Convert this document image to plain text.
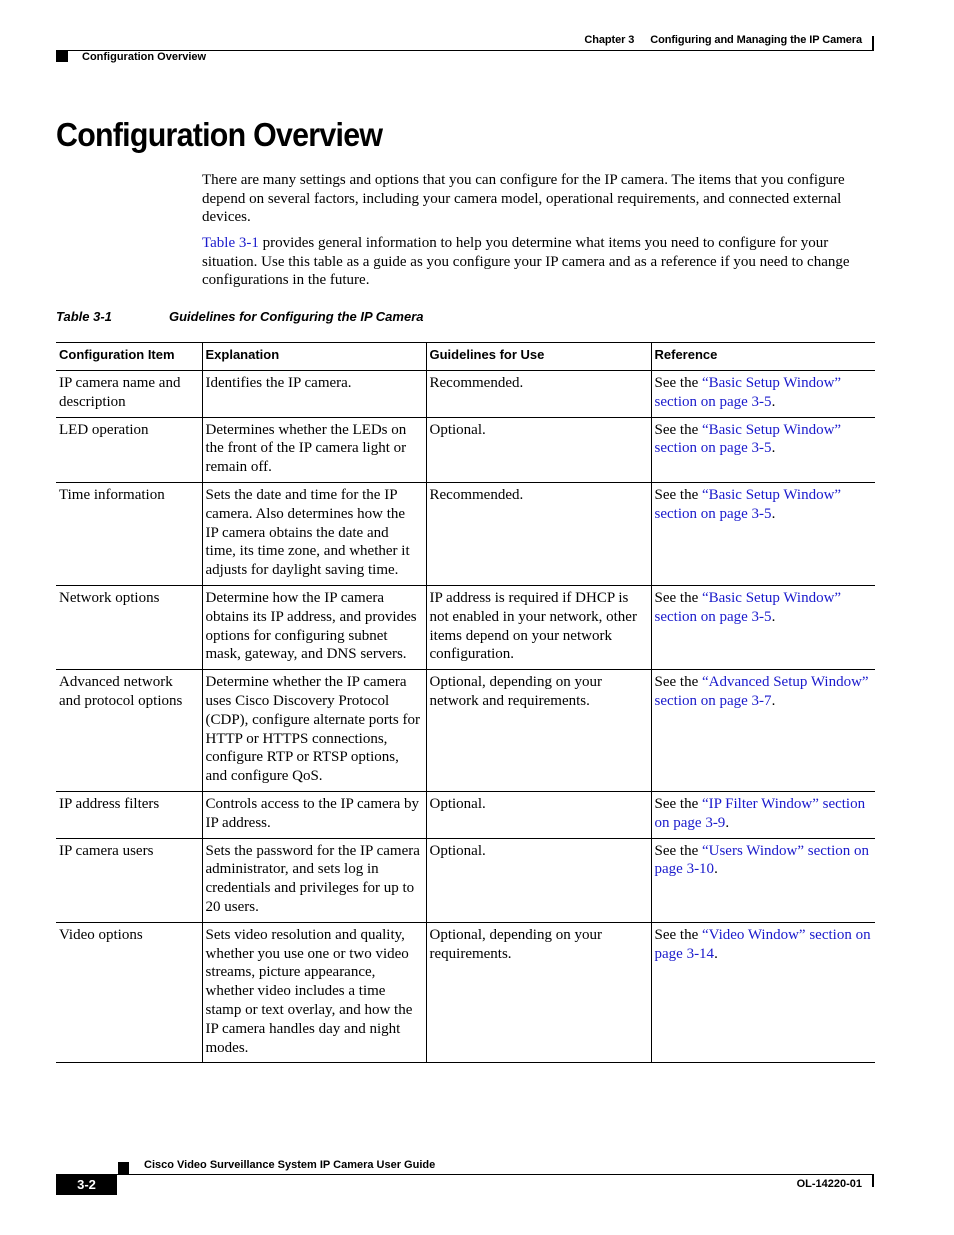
Chapter 3 Configuring and Managing the IP Camera
Configuration Overview
Configuration Overview

There are many settings and options that you can configure for the IP camera. The items that you configure depend on several factors, including your camera model, operational requirements, and connected external devices.

Table 3-1 provides general information to help you determine what items you need to configure for your situation. Use this table as a guide as you configure your IP camera and as a reference if you need to change configurations in the future.

Table 3-1	Guidelines for Configuring the IP Camera
Configuration Item	Explanation	Guidelines for Use	Reference
IP camera name and description	Identifies the IP camera.	Recommended.	See the “Basic Setup Window” section on page 3-5.
LED operation	Determines whether the LEDs on the front of the IP camera light or remain off.	Optional.	See the “Basic Setup Window” section on page 3-5.
Time information	Sets the date and time for the IP camera. Also determines how the IP camera obtains the date and time, its time zone, and whether it adjusts for daylight saving time.	Recommended.	See the “Basic Setup Window” section on page 3-5.
Network options	Determine how the IP camera obtains its IP address, and provides options for configuring subnet mask, gateway, and DNS servers.	IP address is required if DHCP is not enabled in your network, other items depend on your network configuration.	See the “Basic Setup Window” section on page 3-5.
Advanced network and protocol options	Determine whether the IP camera uses Cisco Discovery Protocol (CDP), configure alternate ports for HTTP or HTTPS connections, configure RTP or RTSP options, and configure QoS.	Optional, depending on your network and requirements.	See the “Advanced Setup Window” section on page 3-7.
IP address filters	Controls access to the IP camera by IP address.	Optional.	See the “IP Filter Window” section on page 3-9.
IP camera users	Sets the password for the IP camera administrator, and sets log in credentials and privileges for up to 20 users.	Optional.	See the “Users Window” section on page 3-10.
Video options	Sets video resolution and quality, whether you use one or two video streams, picture appearance, whether video includes a time stamp or text overlay, and how the IP camera handles day and night modes.	Optional, depending on your requirements.	See the “Video Window” section on page 3-14.
Cisco Video Surveillance System IP Camera User Guide
3-2	OL-14220-01
